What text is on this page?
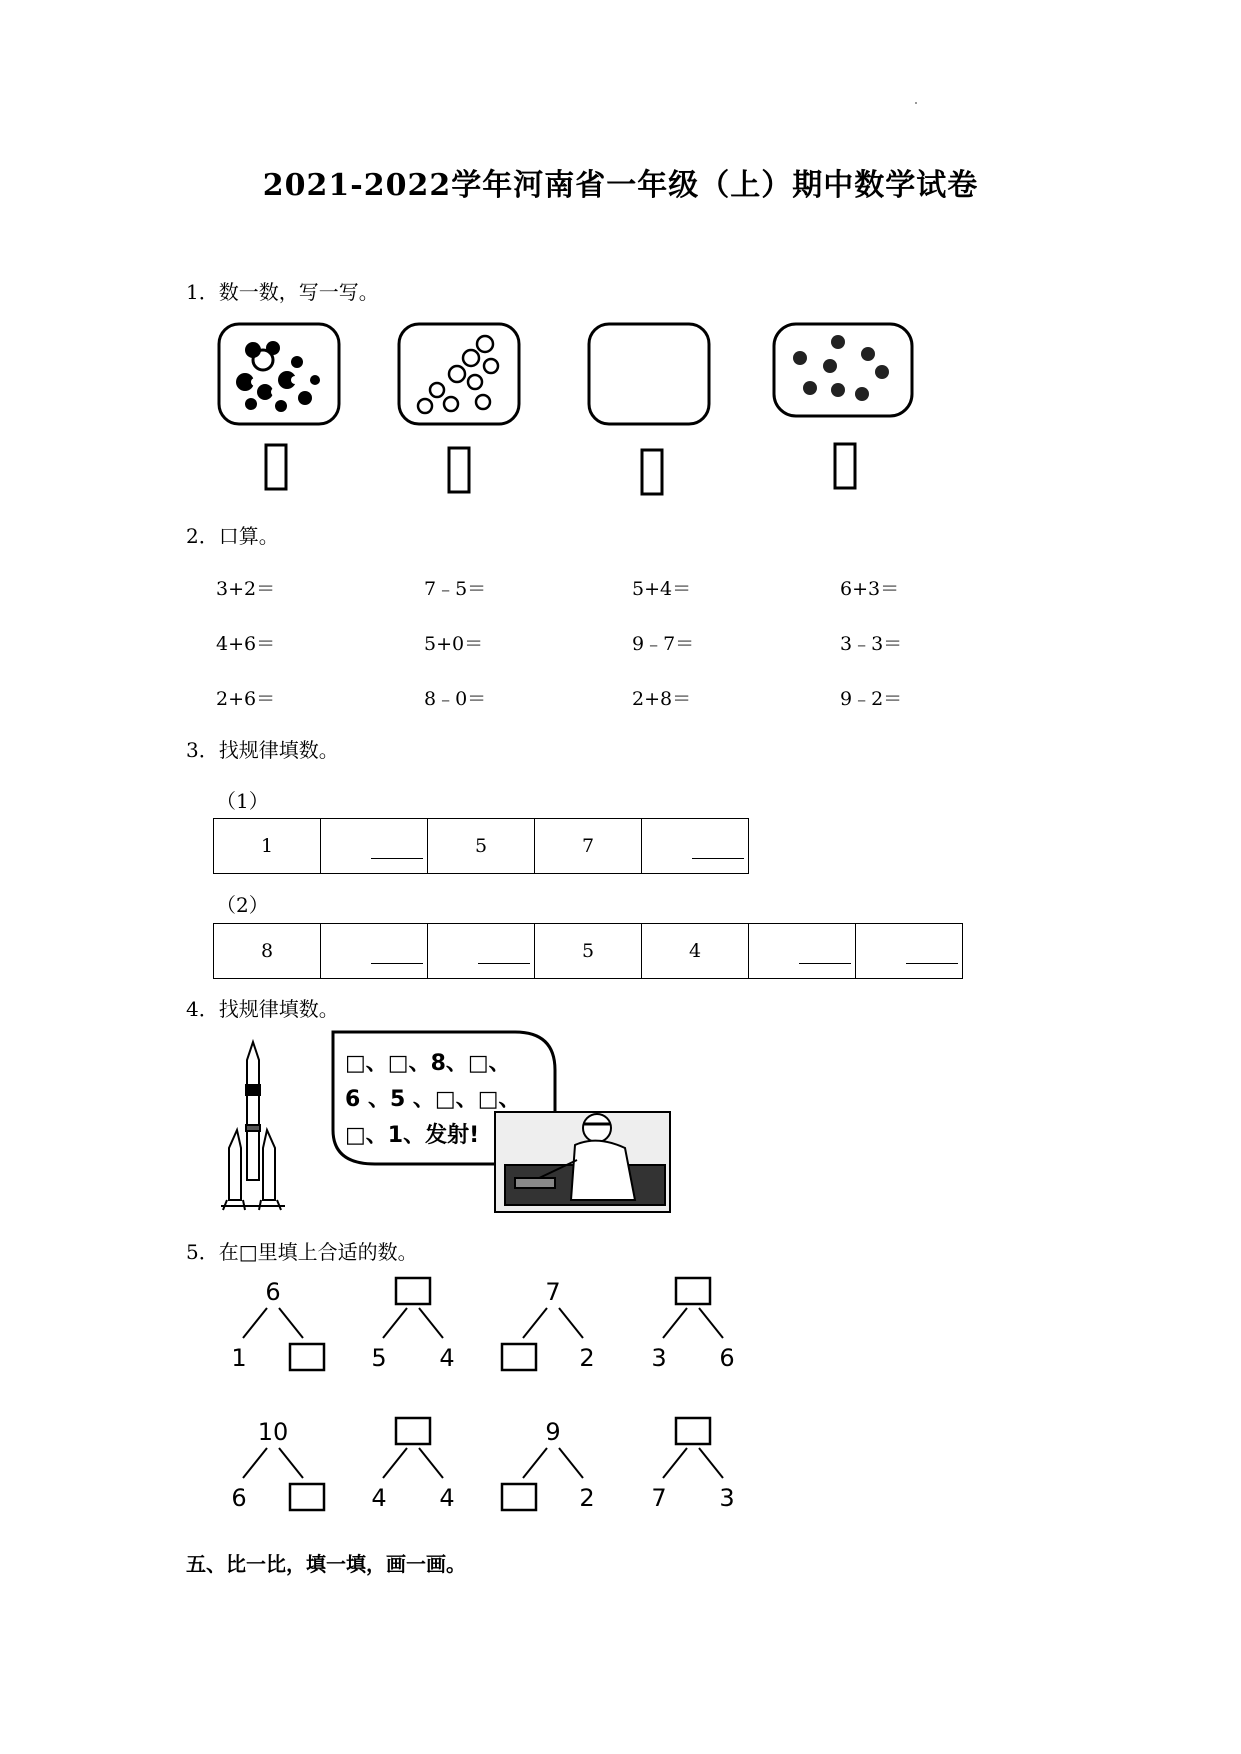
2021-2022学年河南省一年级（上）期中数学试卷
1．数一数，写一写。
2．口算。
3+2＝	7﹣5＝	5+4＝	6+3＝
4+6＝	5+0＝	9﹣7＝	3﹣3＝
2+6＝	8﹣0＝	2+8＝	9﹣2＝
3．找规律填数。
（1）
1		5	7	
（2）
8			5	4	

4．找规律填数。
□、□、8、□、
6 、5 、□、□、
□、1、发射!
5．在□里填上合适的数。
6
1	5 4
7
2 3 6
10
6	4 4
9
2 7 3
五、比一比，填一填，画一画。
